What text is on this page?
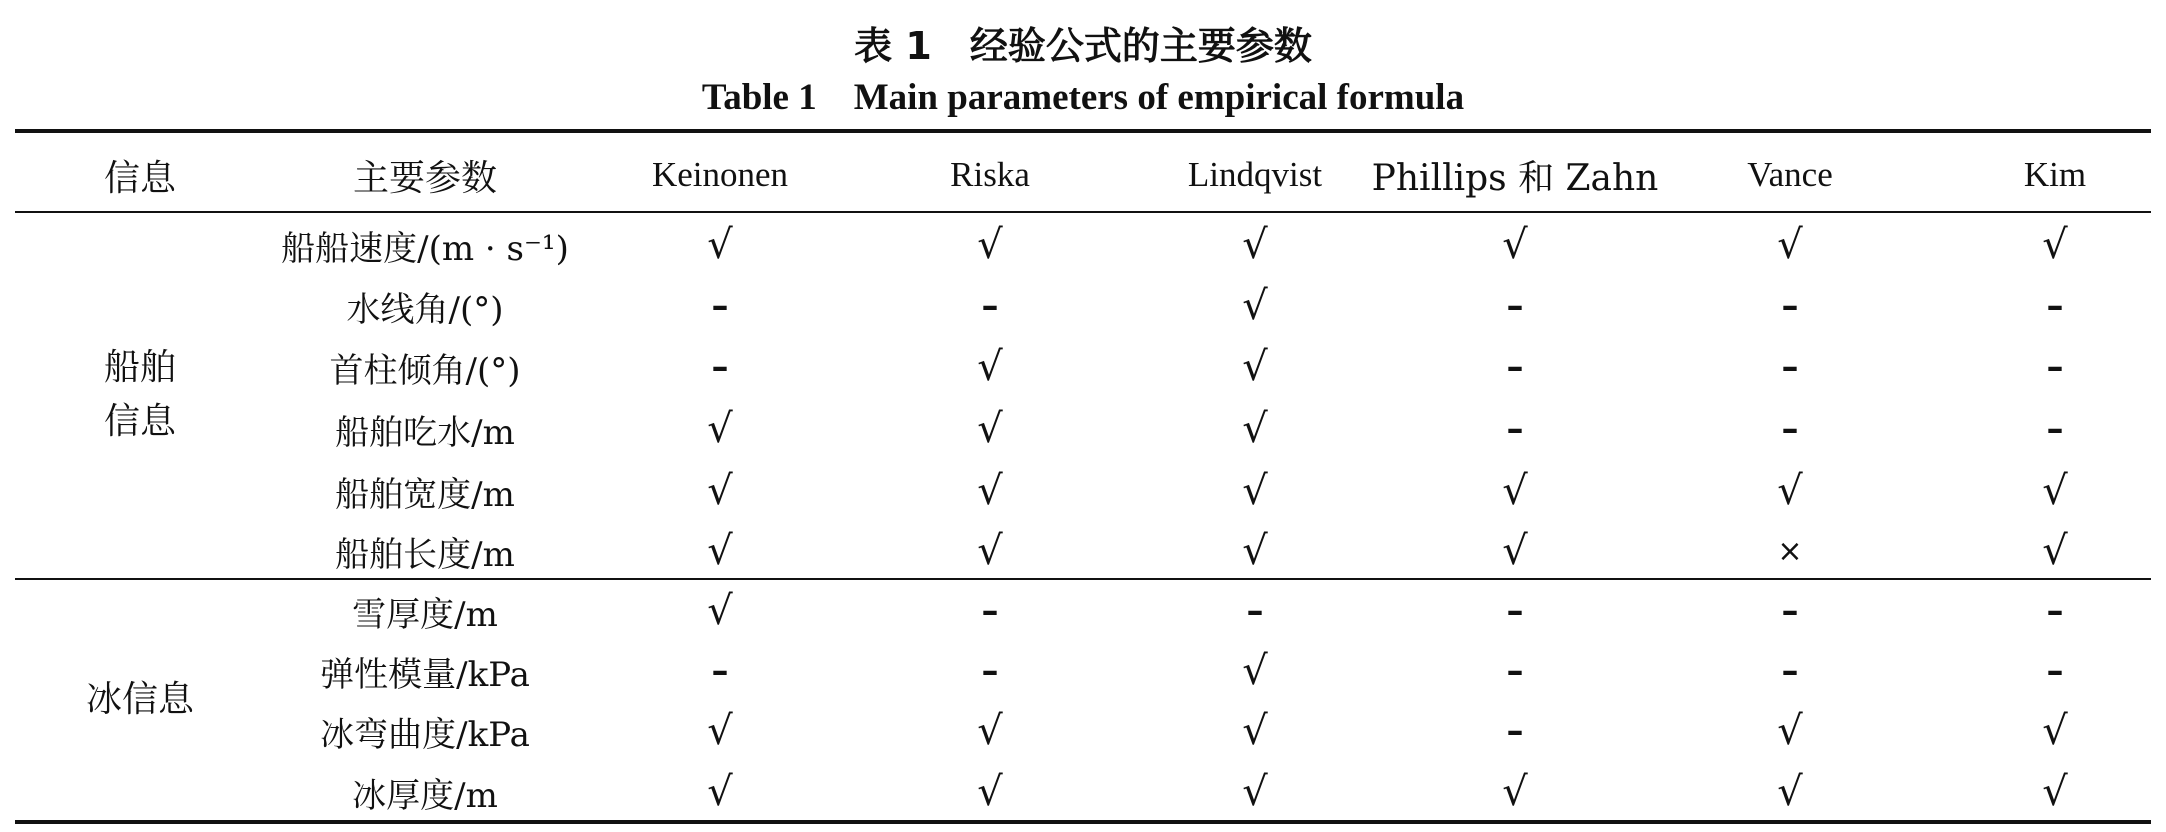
表 1　经验公式的主要参数
Table 1　Main parameters of empirical formula
信息	主要参数	Keinonen	Riska	Lindqvist	Phillips 和 Zahn	Vance	Kim
船舶
信息
船船速度/(m · s⁻¹)	√	√	√	√	√	√
水线角/(°)	–	–	√	–	–	–
首柱倾角/(°)	–	√	√	–	–	–
船舶吃水/m	√	√	√	–	–	–
船舶宽度/m	√	√	√	√	√	√
船舶长度/m	√	√	√	√	×	√
冰信息
雪厚度/m	√	–	–	–	–	–
弹性模量/kPa	–	–	√	–	–	–
冰弯曲度/kPa	√	√	√	–	√	√
冰厚度/m	√	√	√	√	√	√
